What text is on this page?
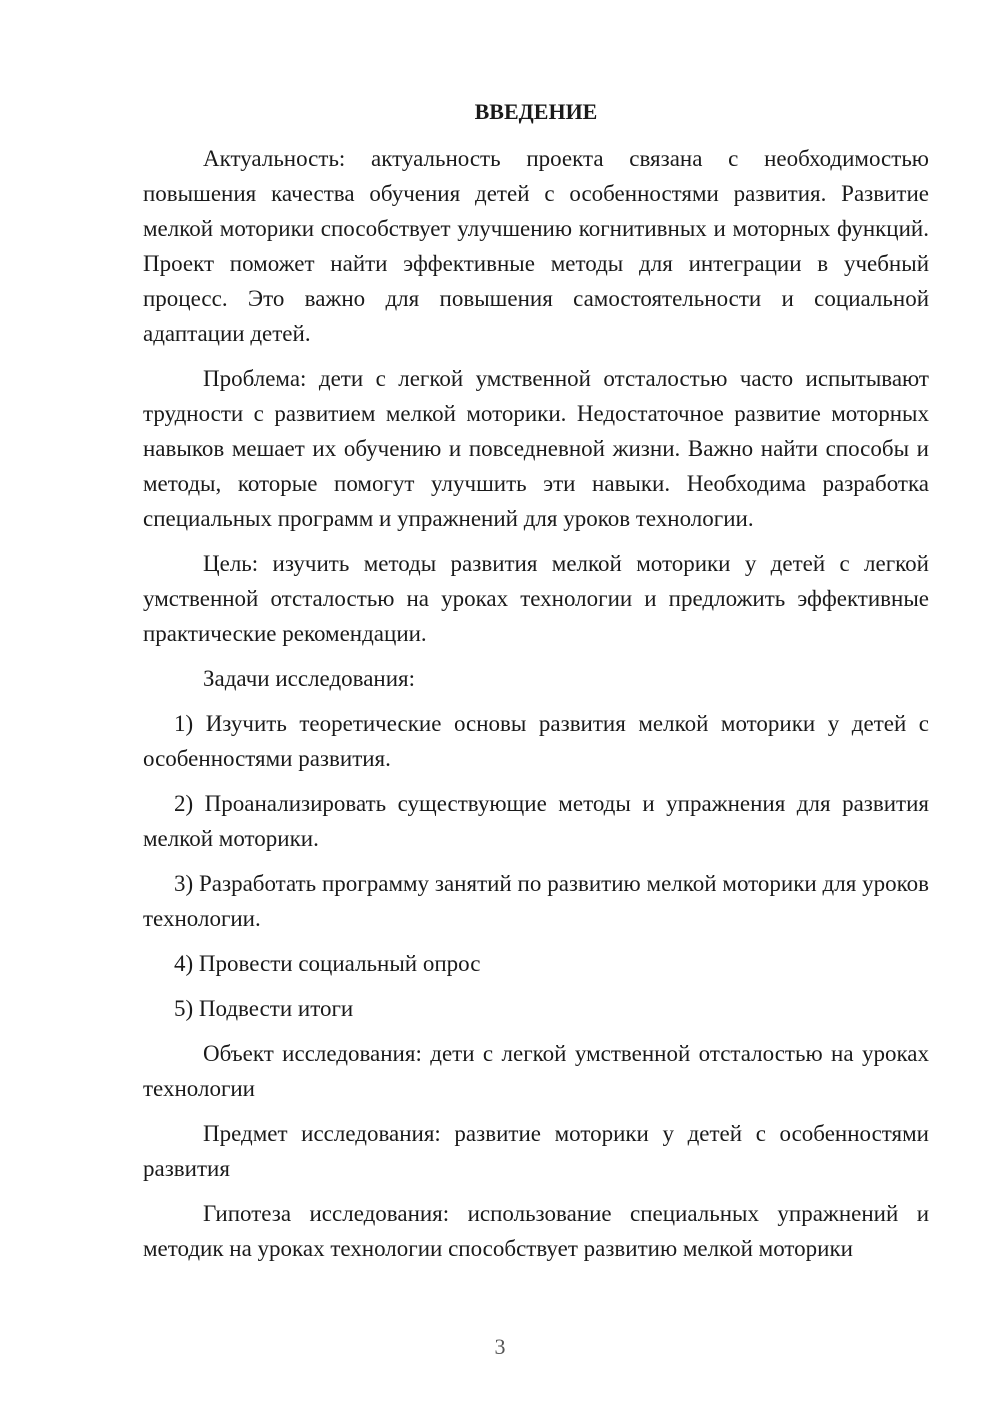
ВВЕДЕНИЕ

Актуальность: актуальность проекта связана с необходимостью повышения качества обучения детей с особенностями развития. Развитие мелкой моторики способствует улучшению когнитивных и моторных функций. Проект поможет найти эффективные методы для интеграции в учебный процесс. Это важно для повышения самостоятельности и социальной адаптации детей.

Проблема: дети с легкой умственной отсталостью часто испытывают трудности с развитием мелкой моторики. Недостаточное развитие моторных навыков мешает их обучению и повседневной жизни. Важно найти способы и методы, которые помогут улучшить эти навыки. Необходима разработка специальных программ и упражнений для уроков технологии.

Цель: изучить методы развития мелкой моторики у детей с легкой умственной отсталостью на уроках технологии и предложить эффективные практические рекомендации.

Задачи исследования:

1) Изучить теоретические основы развития мелкой моторики у детей с особенностями развития.

2) Проанализировать существующие методы и упражнения для развития мелкой моторики.

3) Разработать программу занятий по развитию мелкой моторики для уроков технологии.

4) Провести социальный опрос

5) Подвести итоги

Объект исследования: дети с легкой умственной отсталостью на уроках технологии

Предмет исследования: развитие моторики у детей с особенностями развития

Гипотеза исследования: использование специальных упражнений и методик на уроках технологии способствует развитию мелкой моторики

3
